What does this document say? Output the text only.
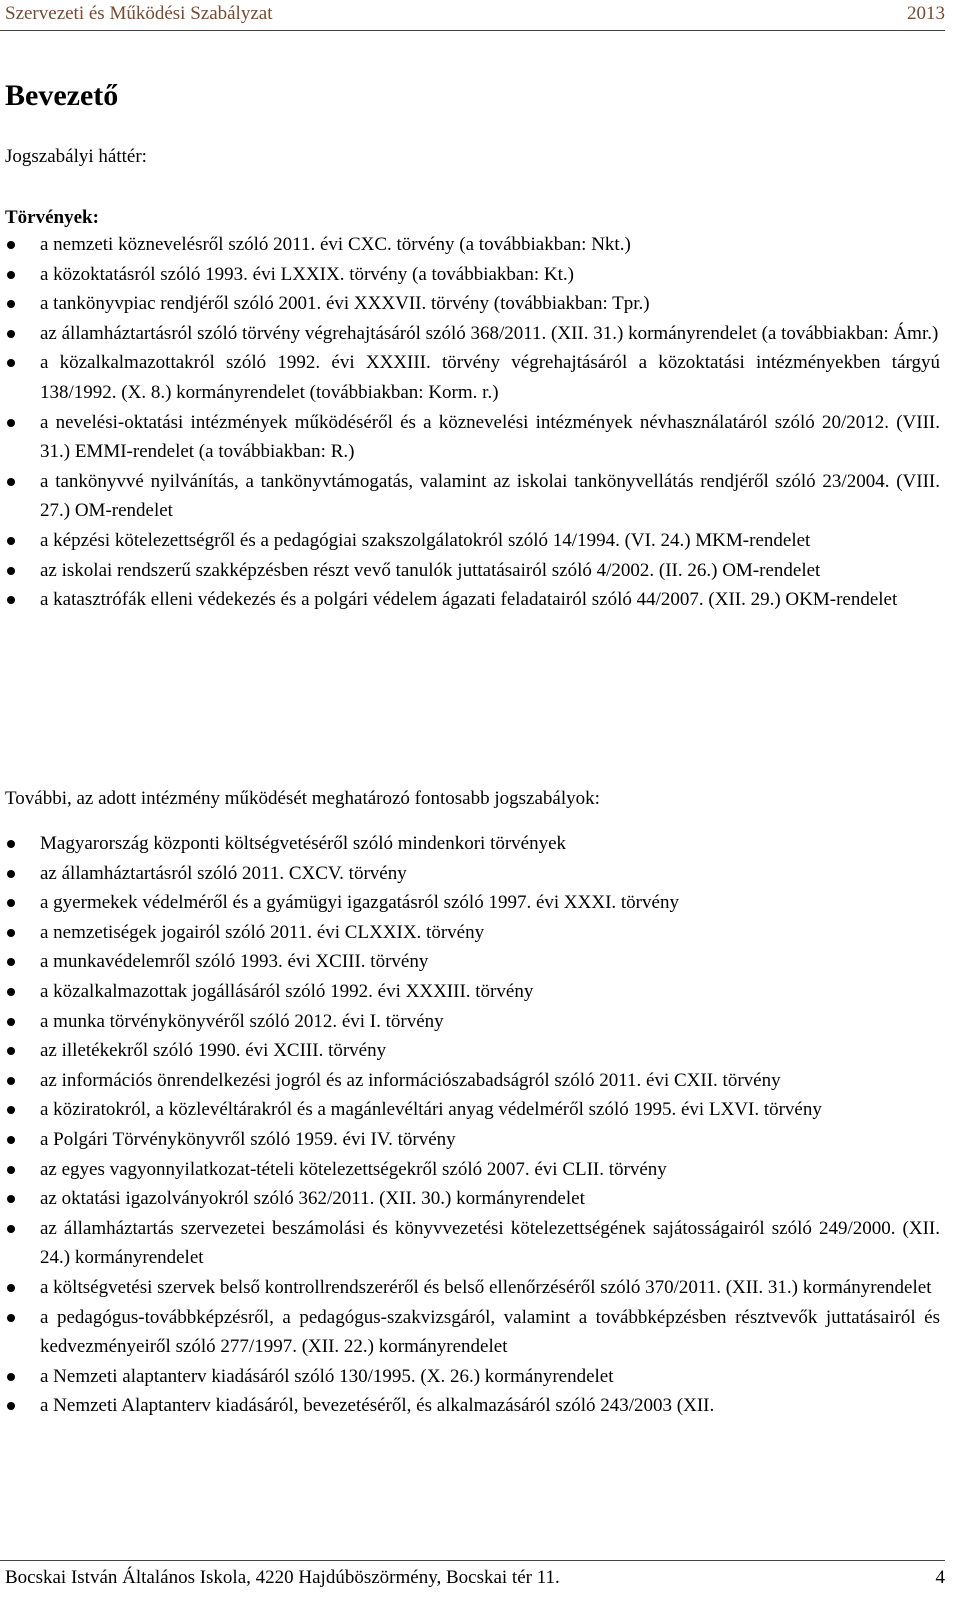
Szervezeti és Működési Szabályzat	2013
Bevezető
Jogszabályi háttér:
Törvények:
a nemzeti köznevelésről szóló 2011. évi CXC. törvény (a továbbiakban: Nkt.)
a közoktatásról szóló 1993. évi LXXIX. törvény (a továbbiakban: Kt.)
a tankönyvpiac rendjéről szóló 2001. évi XXXVII. törvény (továbbiakban: Tpr.)
az államháztartásról szóló törvény végrehajtásáról szóló 368/2011. (XII. 31.) kormányrendelet (a továbbiakban: Ámr.)
a közalkalmazottakról szóló 1992. évi XXXIII. törvény végrehajtásáról a közoktatási intézményekben tárgyú 138/1992. (X. 8.) kormányrendelet (továbbiakban: Korm. r.)
a nevelési-oktatási intézmények működéséről és a köznevelési intézmények névhasználatáról szóló 20/2012. (VIII. 31.) EMMI-rendelet (a továbbiakban: R.)
a tankönyvvé nyilvánítás, a tankönyvtámogatás, valamint az iskolai tankönyvellátás rendjéről szóló 23/2004. (VIII. 27.) OM-rendelet
a képzési kötelezettségről és a pedagógiai szakszolgálatokról szóló 14/1994. (VI. 24.) MKM-rendelet
az iskolai rendszerű szakképzésben részt vevő tanulók juttatásairól szóló 4/2002. (II. 26.) OM-rendelet
a katasztrófák elleni védekezés és a polgári védelem ágazati feladatairól szóló 44/2007. (XII. 29.) OKM-rendelet
További, az adott intézmény működését meghatározó fontosabb jogszabályok:
Magyarország központi költségvetéséről szóló mindenkori törvények
az államháztartásról szóló 2011. CXCV. törvény
a gyermekek védelméről és a gyámügyi igazgatásról szóló 1997. évi XXXI. törvény
a nemzetiségek jogairól szóló 2011. évi CLXXIX. törvény
a munkavédelemről szóló 1993. évi XCIII. törvény
a közalkalmazottak jogállásáról szóló 1992. évi XXXIII. törvény
a munka törvénykönyvéről szóló 2012. évi I. törvény
az illetékekről szóló 1990. évi XCIII. törvény
az információs önrendelkezési jogról és az információszabadságról szóló 2011. évi CXII. törvény
a köziratokról, a közlevéltárakról és a magánlevéltári anyag védelméről szóló 1995. évi LXVI. törvény
a Polgári Törvénykönyvről szóló 1959. évi IV. törvény
az egyes vagyonnyilatkozat-tételi kötelezettségekről szóló 2007. évi CLII. törvény
az oktatási igazolványokról szóló 362/2011. (XII. 30.) kormányrendelet
az államháztartás szervezetei beszámolási és könyvvezetési kötelezettségének sajátosságairól szóló 249/2000. (XII. 24.) kormányrendelet
a költségvetési szervek belső kontrollrendszeréről és belső ellenőrzéséről szóló 370/2011. (XII. 31.) kormányrendelet
a pedagógus-továbbképzésről, a pedagógus-szakvizsgáról, valamint a továbbképzésben résztvevők juttatásairól és kedvezményeiről szóló 277/1997. (XII. 22.) kormányrendelet
a Nemzeti alaptanterv kiadásáról szóló 130/1995. (X. 26.) kormányrendelet
a Nemzeti Alaptanterv kiadásáról, bevezetéséről, és alkalmazásáról szóló 243/2003 (XII.
Bocskai István Általános Iskola, 4220 Hajdúböszörmény, Bocskai tér 11.	4
